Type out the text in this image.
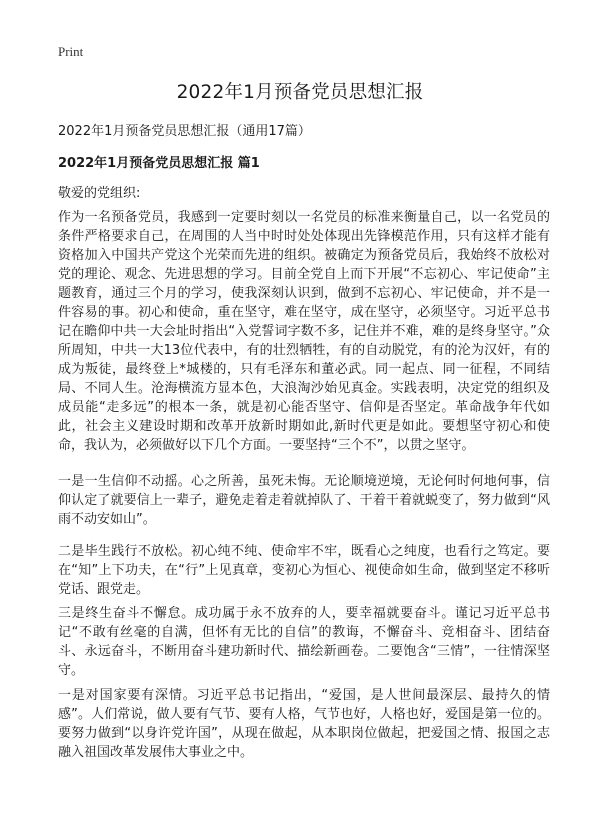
Print
2022年1月预备党员思想汇报
2022年1月预备党员思想汇报（通用17篇）
2022年1月预备党员思想汇报 篇1
敬爱的党组织:

作为一名预备党员，我感到一定要时刻以一名党员的标准来衡量自己，以一名党员的条件严格要求自己，在周围的人当中时时处处体现出先锋模范作用，只有这样才能有资格加入中国共产党这个光荣而先进的组织。被确定为预备党员后，我始终不放松对党的理论、观念、先进思想的学习。目前全党自上而下开展“不忘初心、牢记使命”主题教育，通过三个月的学习，使我深刻认识到，做到不忘初心、牢记使命，并不是一件容易的事。初心和使命，重在坚守，难在坚守，成在坚守，必须坚守。习近平总书记在瞻仰中共一大会址时指出“入党誓词字数不多，记住并不难，难的是终身坚守。”众所周知，中共一大13位代表中，有的壮烈牺牲，有的自动脱党，有的沦为汉奸，有的成为叛徒，最终登上*城楼的，只有毛泽东和董必武。同一起点、同一征程，不同结局、不同人生。沧海横流方显本色，大浪淘沙始见真金。实践表明，决定党的组织及成员能“走多远”的根本一条，就是初心能否坚守、信仰是否坚定。革命战争年代如此，社会主义建设时期和改革开放新时期如此,新时代更是如此。要想坚守初心和使命，我认为，必须做好以下几个方面。一要坚持“三个不”，以贯之坚守。

一是一生信仰不动摇。心之所善，虽死未悔。无论顺境逆境，无论何时何地何事，信仰认定了就要信上一辈子，避免走着走着就掉队了、干着干着就蜕变了，努力做到“风雨不动安如山”。

二是毕生践行不放松。初心纯不纯、使命牢不牢，既看心之纯度，也看行之笃定。要在“知”上下功夫，在“行”上见真章，变初心为恒心、视使命如生命，做到坚定不移听党话、跟党走。

三是终生奋斗不懈怠。成功属于永不放弃的人，要幸福就要奋斗。谨记习近平总书记“不敢有丝毫的自满，但怀有无比的自信”的教诲，不懈奋斗、竞相奋斗、团结奋斗、永远奋斗，不断用奋斗建功新时代、描绘新画卷。二要饱含“三情”，一往情深坚守。

一是对国家要有深情。习近平总书记指出，“爱国，是人世间最深层、最持久的情感”。人们常说，做人要有气节、要有人格，气节也好，人格也好，爱国是第一位的。要努力做到“以身许党许国”，从现在做起，从本职岗位做起，把爱国之情、报国之志融入祖国改革发展伟大事业之中。
